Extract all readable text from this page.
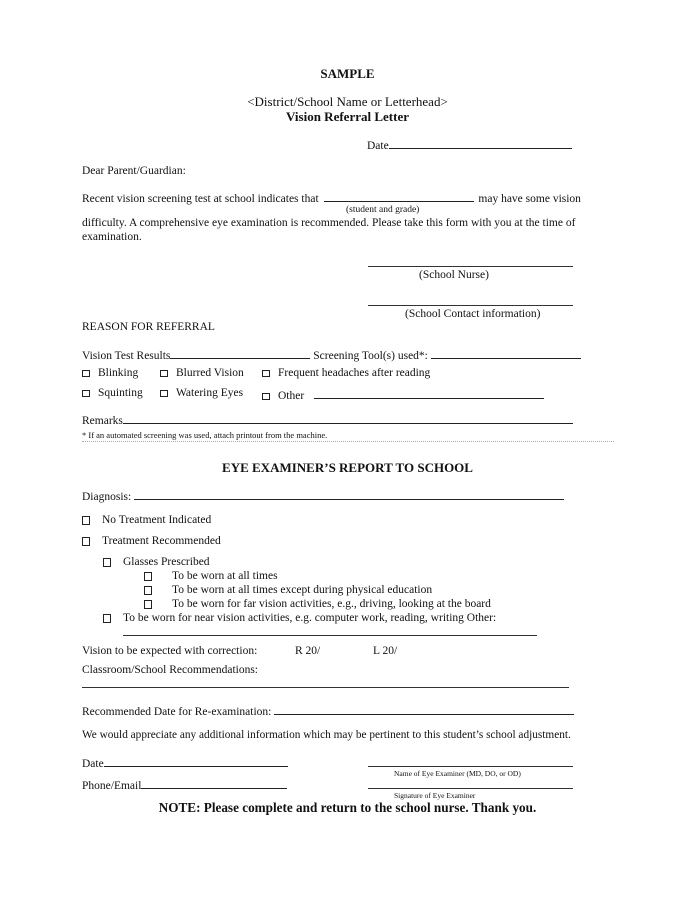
SAMPLE
<District/School Name or Letterhead>
Vision Referral Letter
Date
Dear Parent/Guardian:
Recent vision screening test at school indicates that	may have some vision
(student and grade)
difficulty. A comprehensive eye examination is recommended. Please take this form with you at the time of
examination.
(School Nurse)
(School Contact information)
REASON FOR REFERRAL
Vision Test Results	Screening Tool(s) used*:
Blinking	Blurred Vision	Frequent headaches after reading
Squinting	Watering Eyes	Other
Remarks
* If an automated screening was used, attach printout from the machine.
EYE EXAMINER’S REPORT TO SCHOOL
Diagnosis:
No Treatment Indicated
Treatment Recommended
Glasses Prescribed
To be worn at all times
To be worn at all times except during physical education
To be worn for far vision activities, e.g., driving, looking at the board
To be worn for near vision activities, e.g. computer work, reading, writing Other:
Vision to be expected with correction:	R 20/	L 20/
Classroom/School Recommendations:
Recommended Date for Re-examination:
We would appreciate any additional information which may be pertinent to this student’s school adjustment.
Date
Name of Eye Examiner (MD, DO, or OD)
Phone/Email
Signature of Eye Examiner
NOTE: Please complete and return to the school nurse. Thank you.
